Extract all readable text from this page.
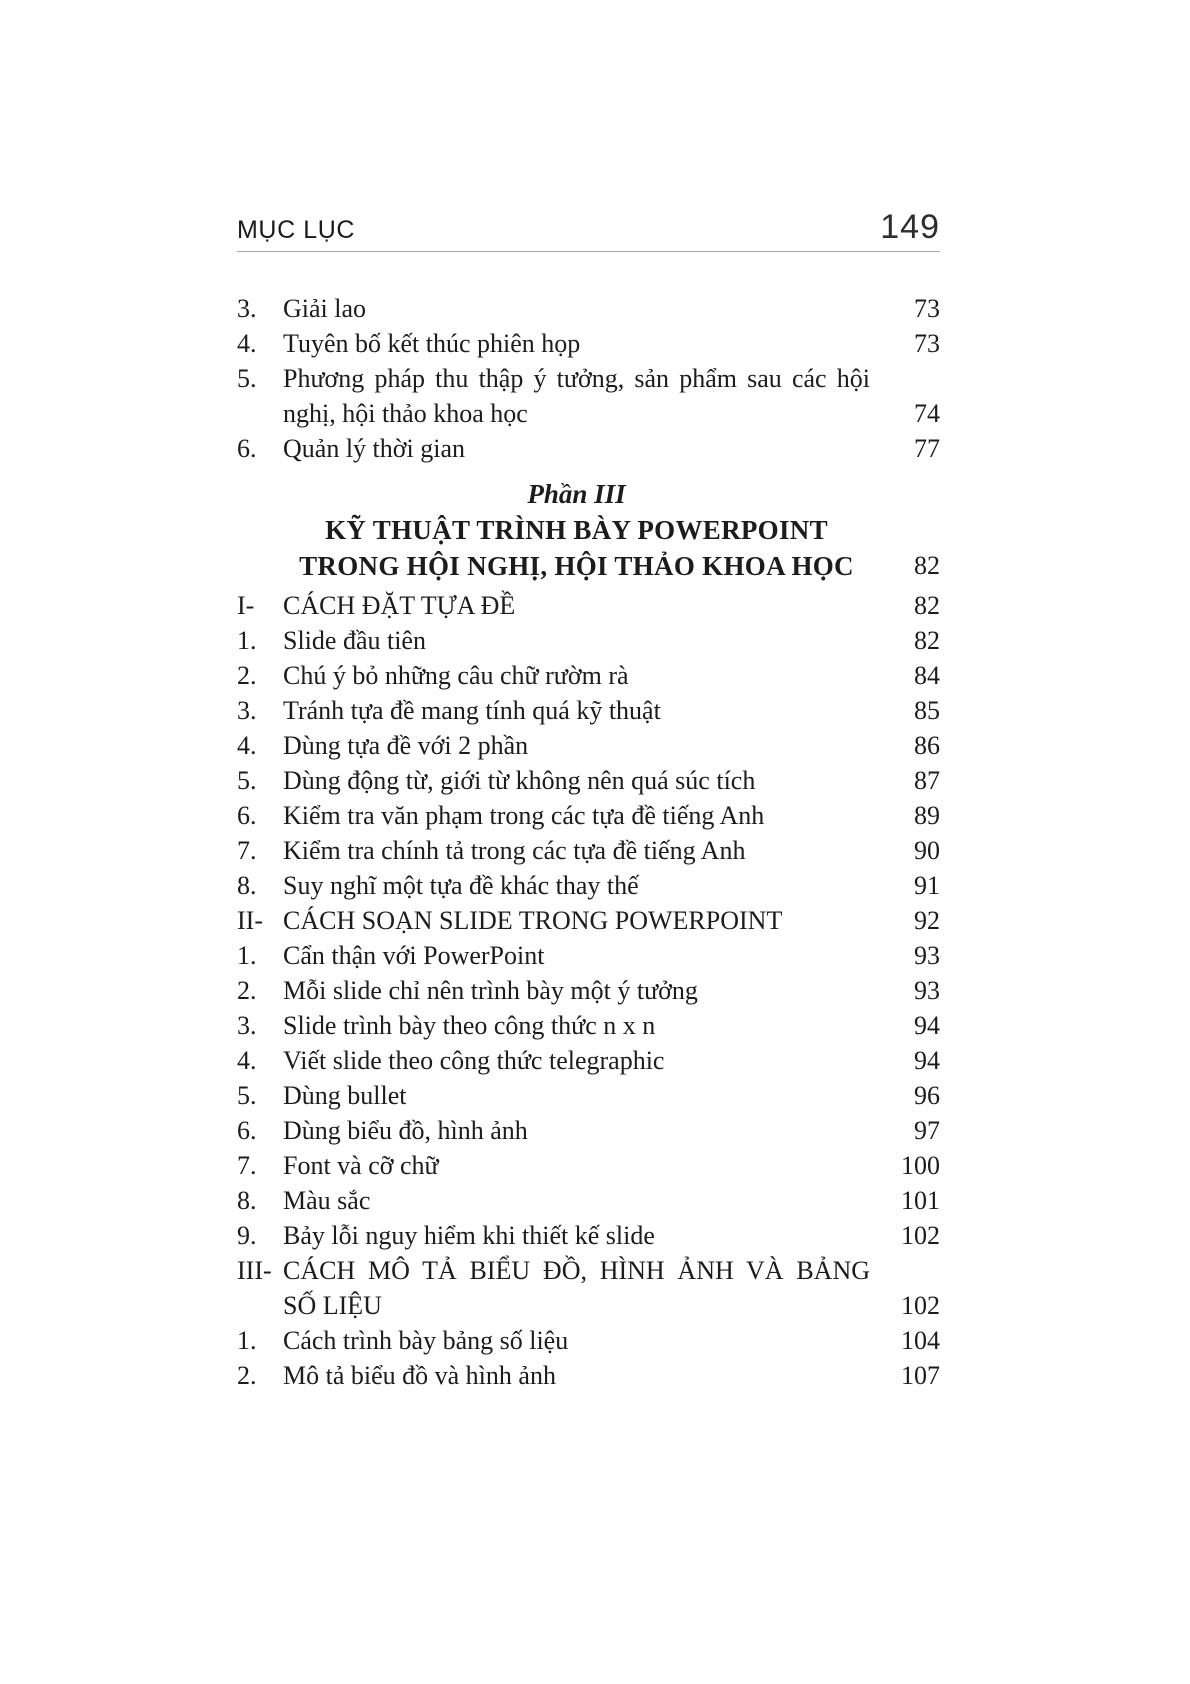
MỤC LỤC	149
3.	Giải lao	73
4.	Tuyên bố kết thúc phiên họp	73
5.	Phương pháp thu thập ý tưởng, sản phẩm sau các hội
nghị, hội thảo khoa học	74
6.	Quản lý thời gian	77
Phần III
KỸ THUẬT TRÌNH BÀY POWERPOINT
TRONG HỘI NGHỊ, HỘI THẢO KHOA HỌC	82
I-	CÁCH ĐẶT TỰA ĐỀ	82
1.	Slide đầu tiên	82
2.	Chú ý bỏ những câu chữ rườm rà	84
3.	Tránh tựa đề mang tính quá kỹ thuật	85
4.	Dùng tựa đề với 2 phần	86
5.	Dùng động từ, giới từ không nên quá súc tích	87
6.	Kiểm tra văn phạm trong các tựa đề tiếng Anh	89
7.	Kiểm tra chính tả trong các tựa đề tiếng Anh	90
8.	Suy nghĩ một tựa đề khác thay thế	91
II- CÁCH SOẠN SLIDE TRONG POWERPOINT	92
1.	Cẩn thận với PowerPoint	93
2.	Mỗi slide chỉ nên trình bày một ý tưởng	93
3.	Slide trình bày theo công thức n x n	94
4.	Viết slide theo công thức telegraphic	94
5.	Dùng bullet	96
6.	Dùng biểu đồ, hình ảnh	97
7.	Font và cỡ chữ	100
8.	Màu sắc	101
9.	Bảy lỗi nguy hiểm khi thiết kế slide	102
III- CÁCH MÔ TẢ BIỂU ĐỒ, HÌNH ẢNH VÀ BẢNG
SỐ LIỆU	102
1.	Cách trình bày bảng số liệu	104
2.	Mô tả biểu đồ và hình ảnh	107
